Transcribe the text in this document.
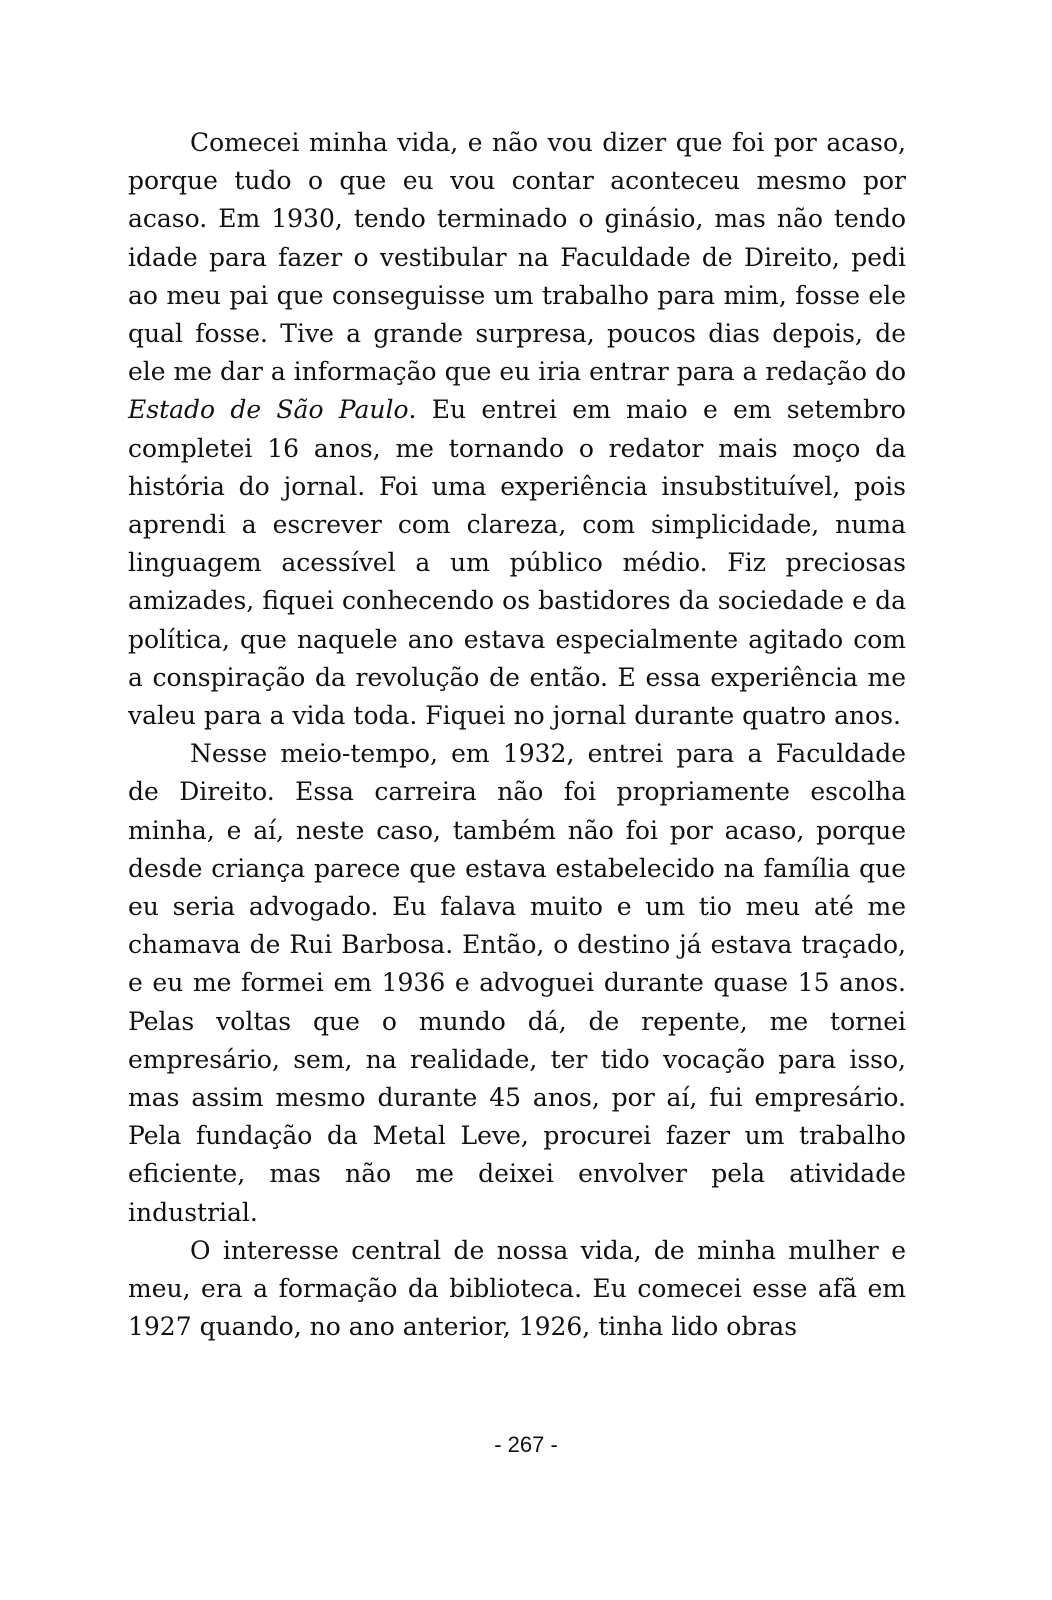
Comecei minha vida, e não vou dizer que foi por acaso, porque tudo o que eu vou contar aconteceu mesmo por acaso. Em 1930, tendo terminado o ginásio, mas não tendo idade para fazer o vestibular na Faculdade de Direito, pedi ao meu pai que conseguisse um trabalho para mim, fosse ele qual fosse. Tive a grande surpresa, poucos dias depois, de ele me dar a informação que eu iria entrar para a redação do Estado de São Paulo. Eu entrei em maio e em setembro completei 16 anos, me tornando o redator mais moço da história do jornal. Foi uma experiência insubstituível, pois aprendi a escrever com clareza, com simplicidade, numa linguagem acessível a um público médio. Fiz preciosas amizades, fiquei conhecendo os bastidores da sociedade e da política, que naquele ano estava especialmente agitado com a conspiração da revolução de então. E essa experiência me valeu para a vida toda. Fiquei no jornal durante quatro anos.

Nesse meio-tempo, em 1932, entrei para a Faculdade de Direito. Essa carreira não foi propriamente escolha minha, e aí, neste caso, também não foi por acaso, porque desde criança parece que estava estabelecido na família que eu seria advogado. Eu falava muito e um tio meu até me chamava de Rui Barbosa. Então, o destino já estava traçado, e eu me formei em 1936 e advoguei durante quase 15 anos. Pelas voltas que o mundo dá, de repente, me tornei empresário, sem, na realidade, ter tido vocação para isso, mas assim mesmo durante 45 anos, por aí, fui empresário. Pela fundação da Metal Leve, procurei fazer um trabalho eficiente, mas não me deixei envolver pela atividade industrial.

O interesse central de nossa vida, de minha mulher e meu, era a formação da biblioteca. Eu comecei esse afã em 1927 quando, no ano anterior, 1926, tinha lido obras

- 267 -
